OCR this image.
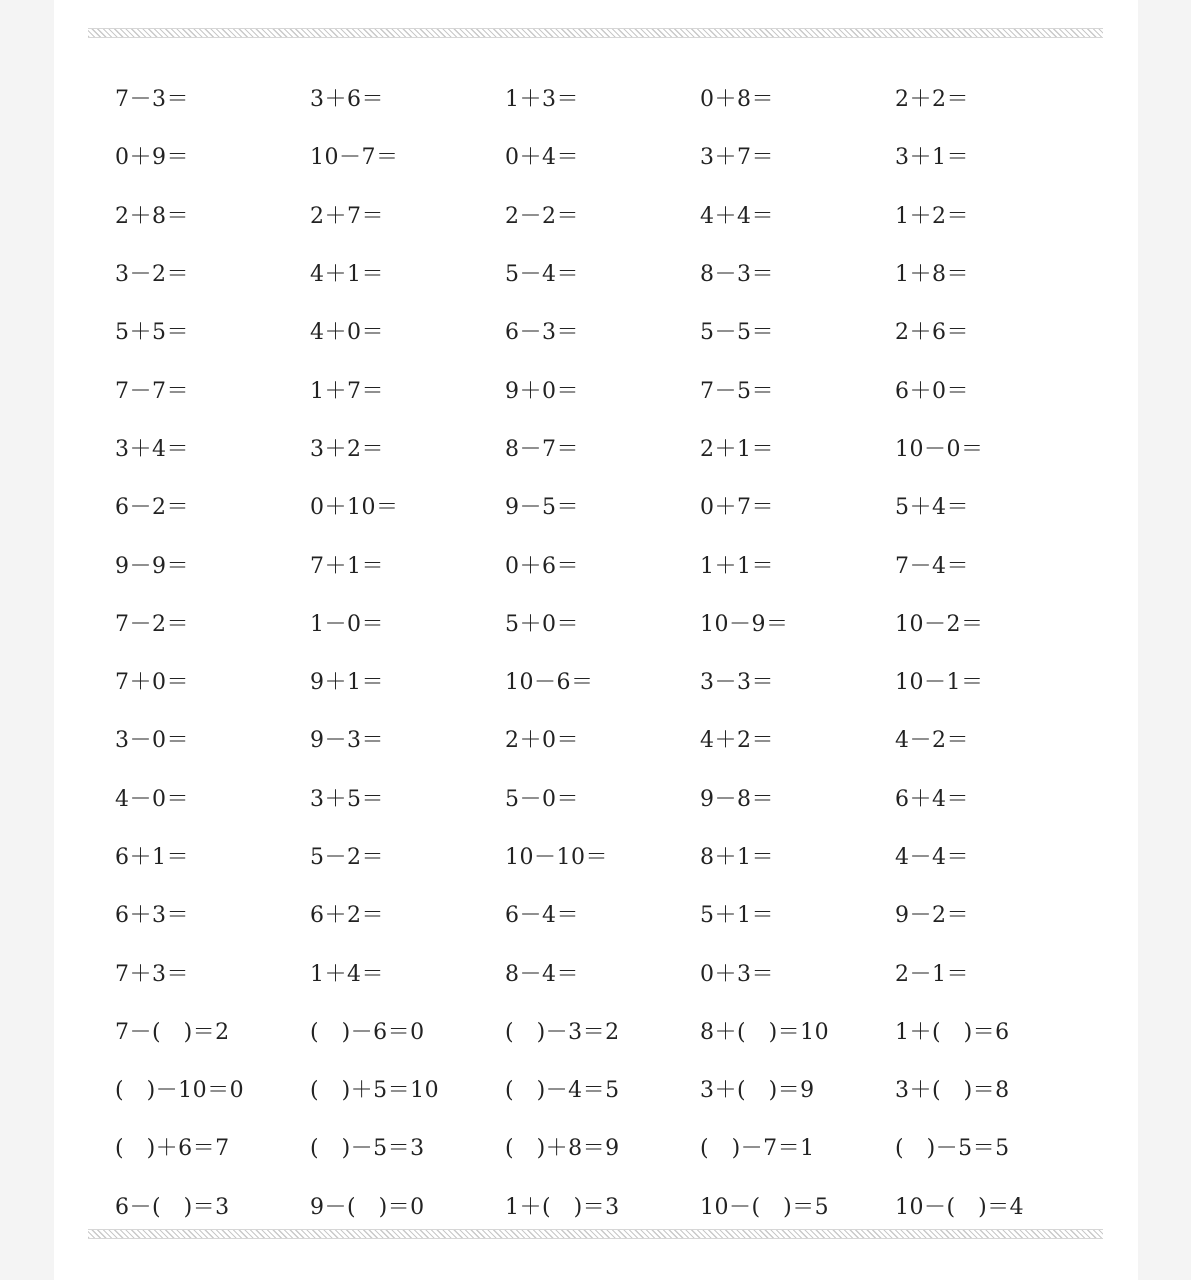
7－3＝	3＋6＝	1＋3＝	0＋8＝	2＋2＝
0＋9＝	10－7＝	0＋4＝	3＋7＝	3＋1＝
2＋8＝	2＋7＝	2－2＝	4＋4＝	1＋2＝
3－2＝	4＋1＝	5－4＝	8－3＝	1＋8＝
5＋5＝	4＋0＝	6－3＝	5－5＝	2＋6＝
7－7＝	1＋7＝	9＋0＝	7－5＝	6＋0＝
3＋4＝	3＋2＝	8－7＝	2＋1＝	10－0＝
6－2＝	0＋10＝	9－5＝	0＋7＝	5＋4＝
9－9＝	7＋1＝	0＋6＝	1＋1＝	7－4＝
7－2＝	1－0＝	5＋0＝	10－9＝	10－2＝
7＋0＝	9＋1＝	10－6＝	3－3＝	10－1＝
3－0＝	9－3＝	2＋0＝	4＋2＝	4－2＝
4－0＝	3＋5＝	5－0＝	9－8＝	6＋4＝
6＋1＝	5－2＝	10－10＝	8＋1＝	4－4＝
6＋3＝	6＋2＝	6－4＝	5＋1＝	9－2＝
7＋3＝	1＋4＝	8－4＝	0＋3＝	2－1＝
7－(　)＝2	(　)－6＝0	(　)－3＝2	8＋(　)＝10	1＋(　)＝6
(　)－10＝0	(　)＋5＝10	(　)－4＝5	3＋(　)＝9	3＋(　)＝8
(　)＋6＝7	(　)－5＝3	(　)＋8＝9	(　)－7＝1	(　)－5＝5
6－(　)＝3	9－(　)＝0	1＋(　)＝3	10－(　)＝5	10－(　)＝4
